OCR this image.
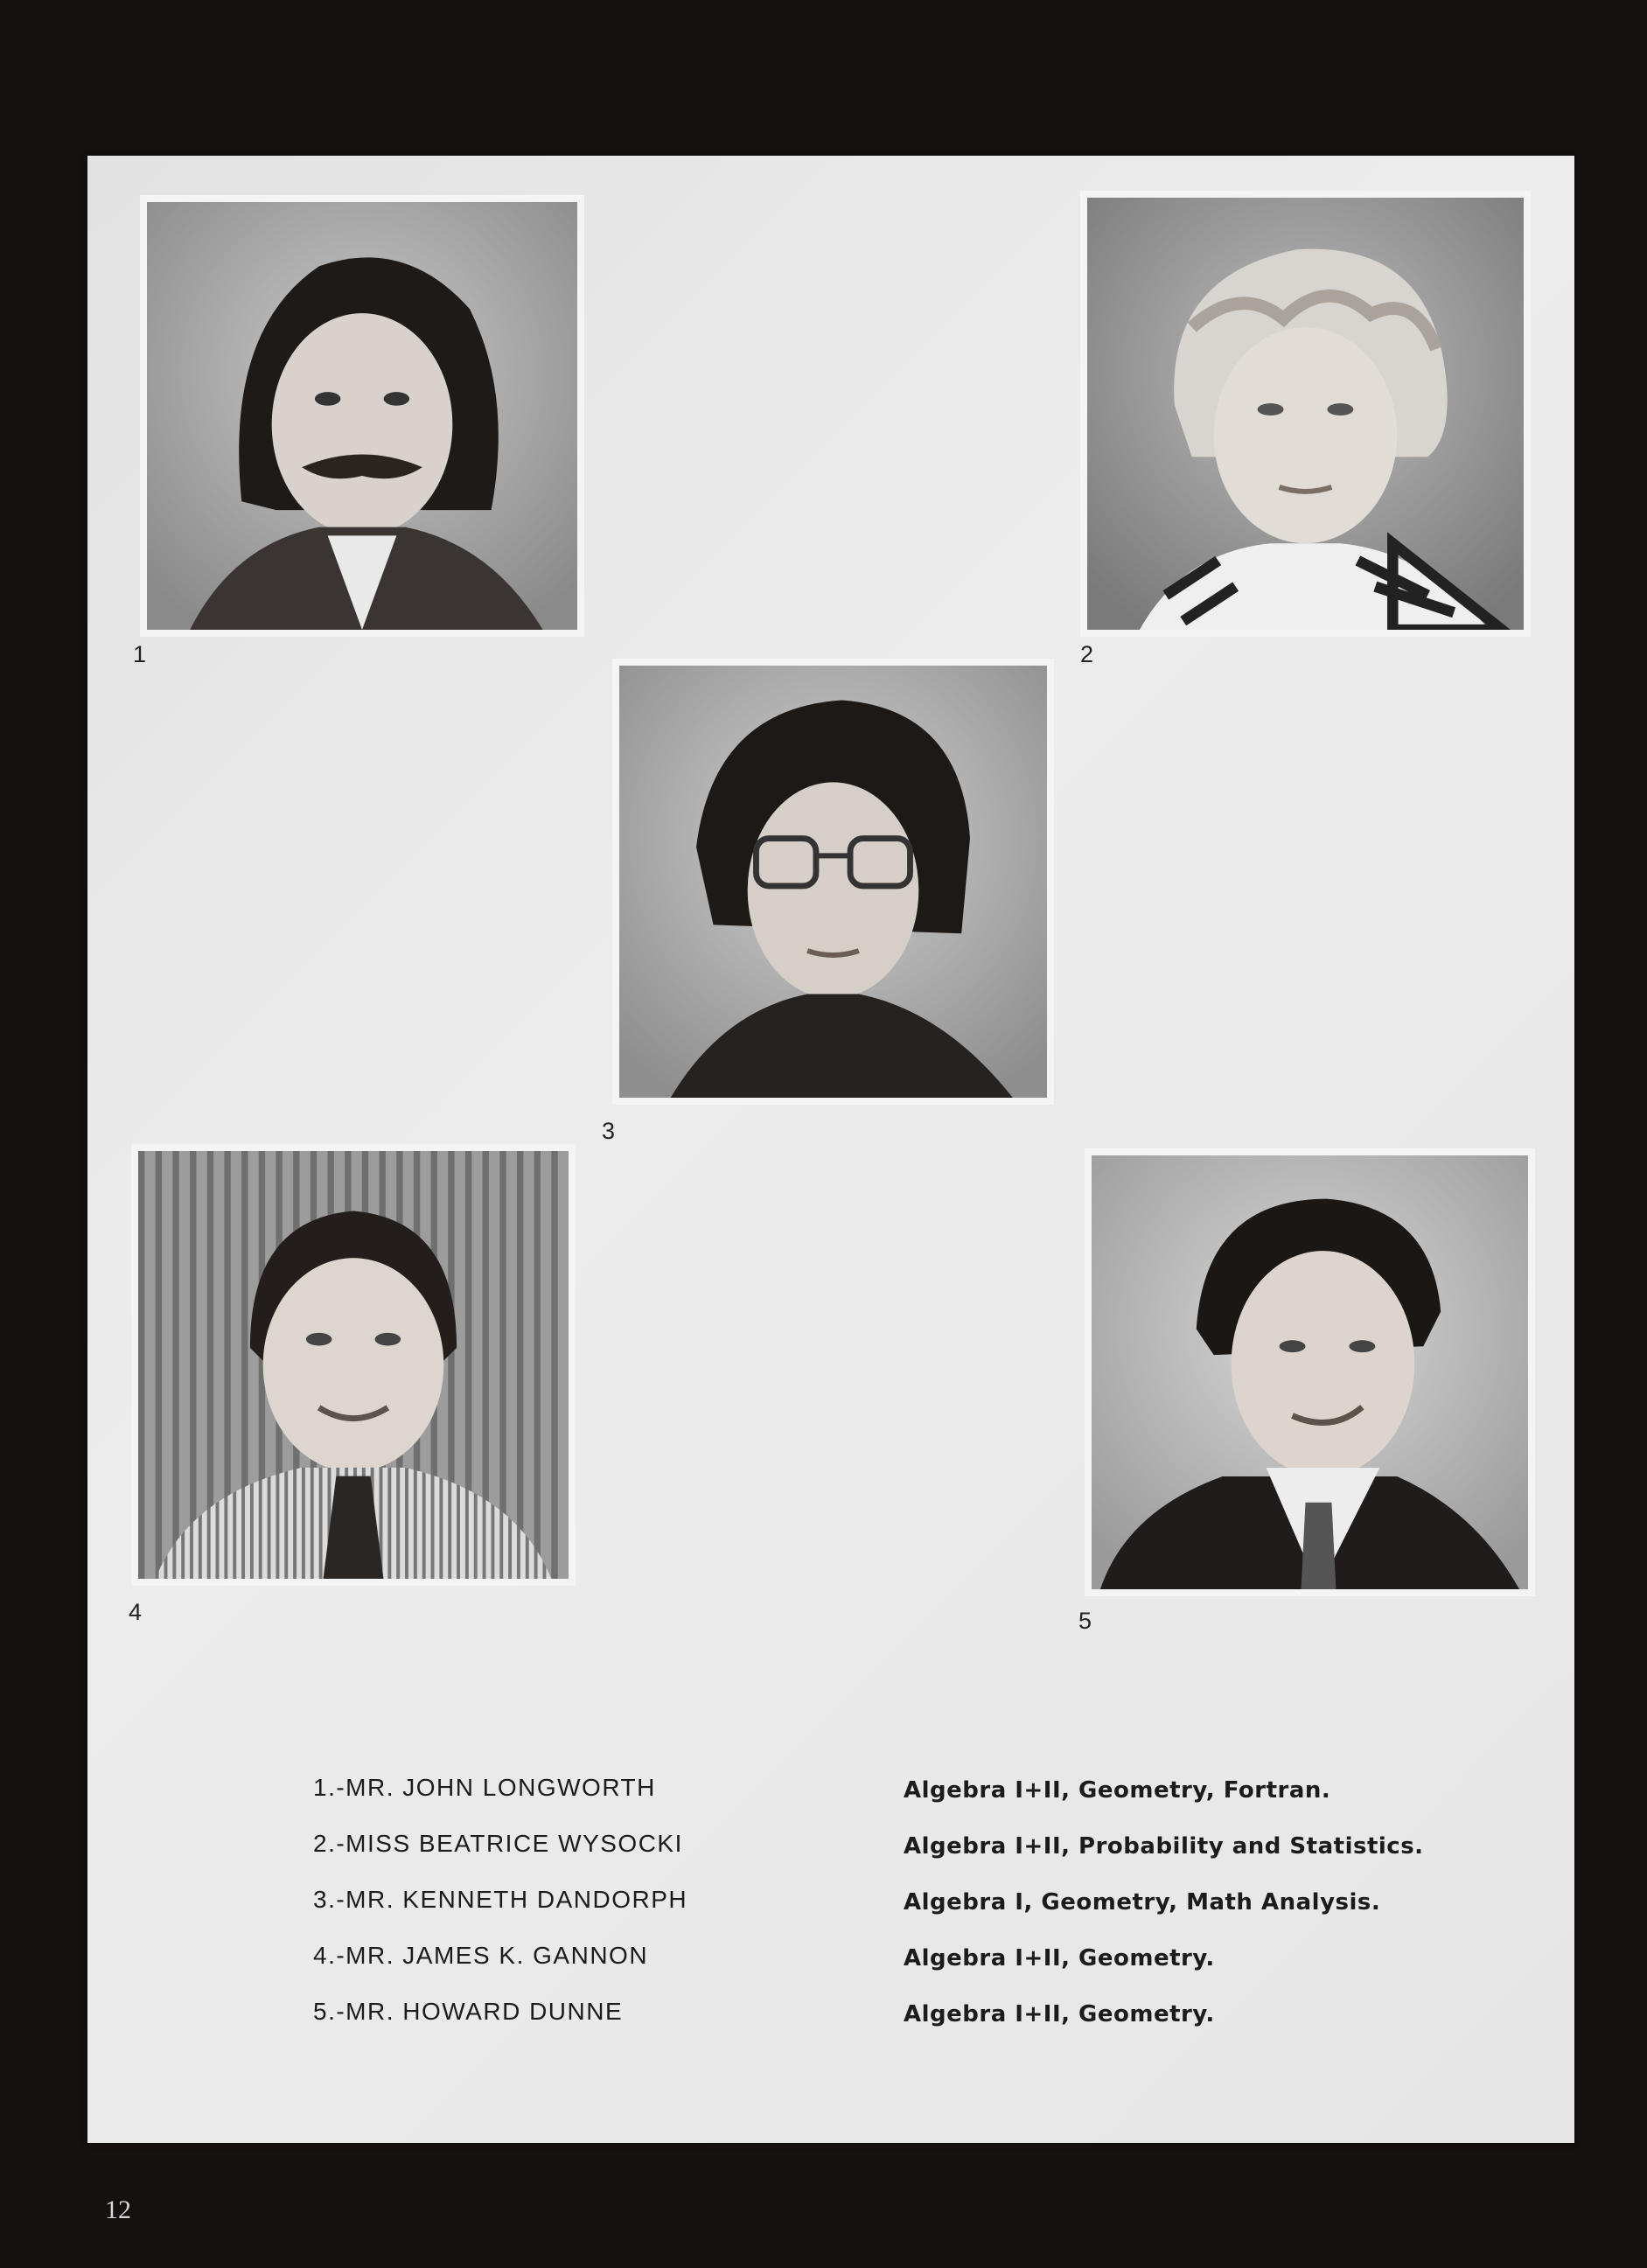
1	2
3
4	5
1.-MR. JOHN LONGWORTH	Algebra I+II, Geometry, Fortran.
2.-MISS BEATRICE WYSOCKI	Algebra I+II, Probability and Statistics.
3.-MR. KENNETH DANDORPH	Algebra I, Geometry, Math Analysis.
4.-MR. JAMES K. GANNON	Algebra I+II, Geometry.
5.-MR. HOWARD DUNNE	Algebra I+II, Geometry.
12
